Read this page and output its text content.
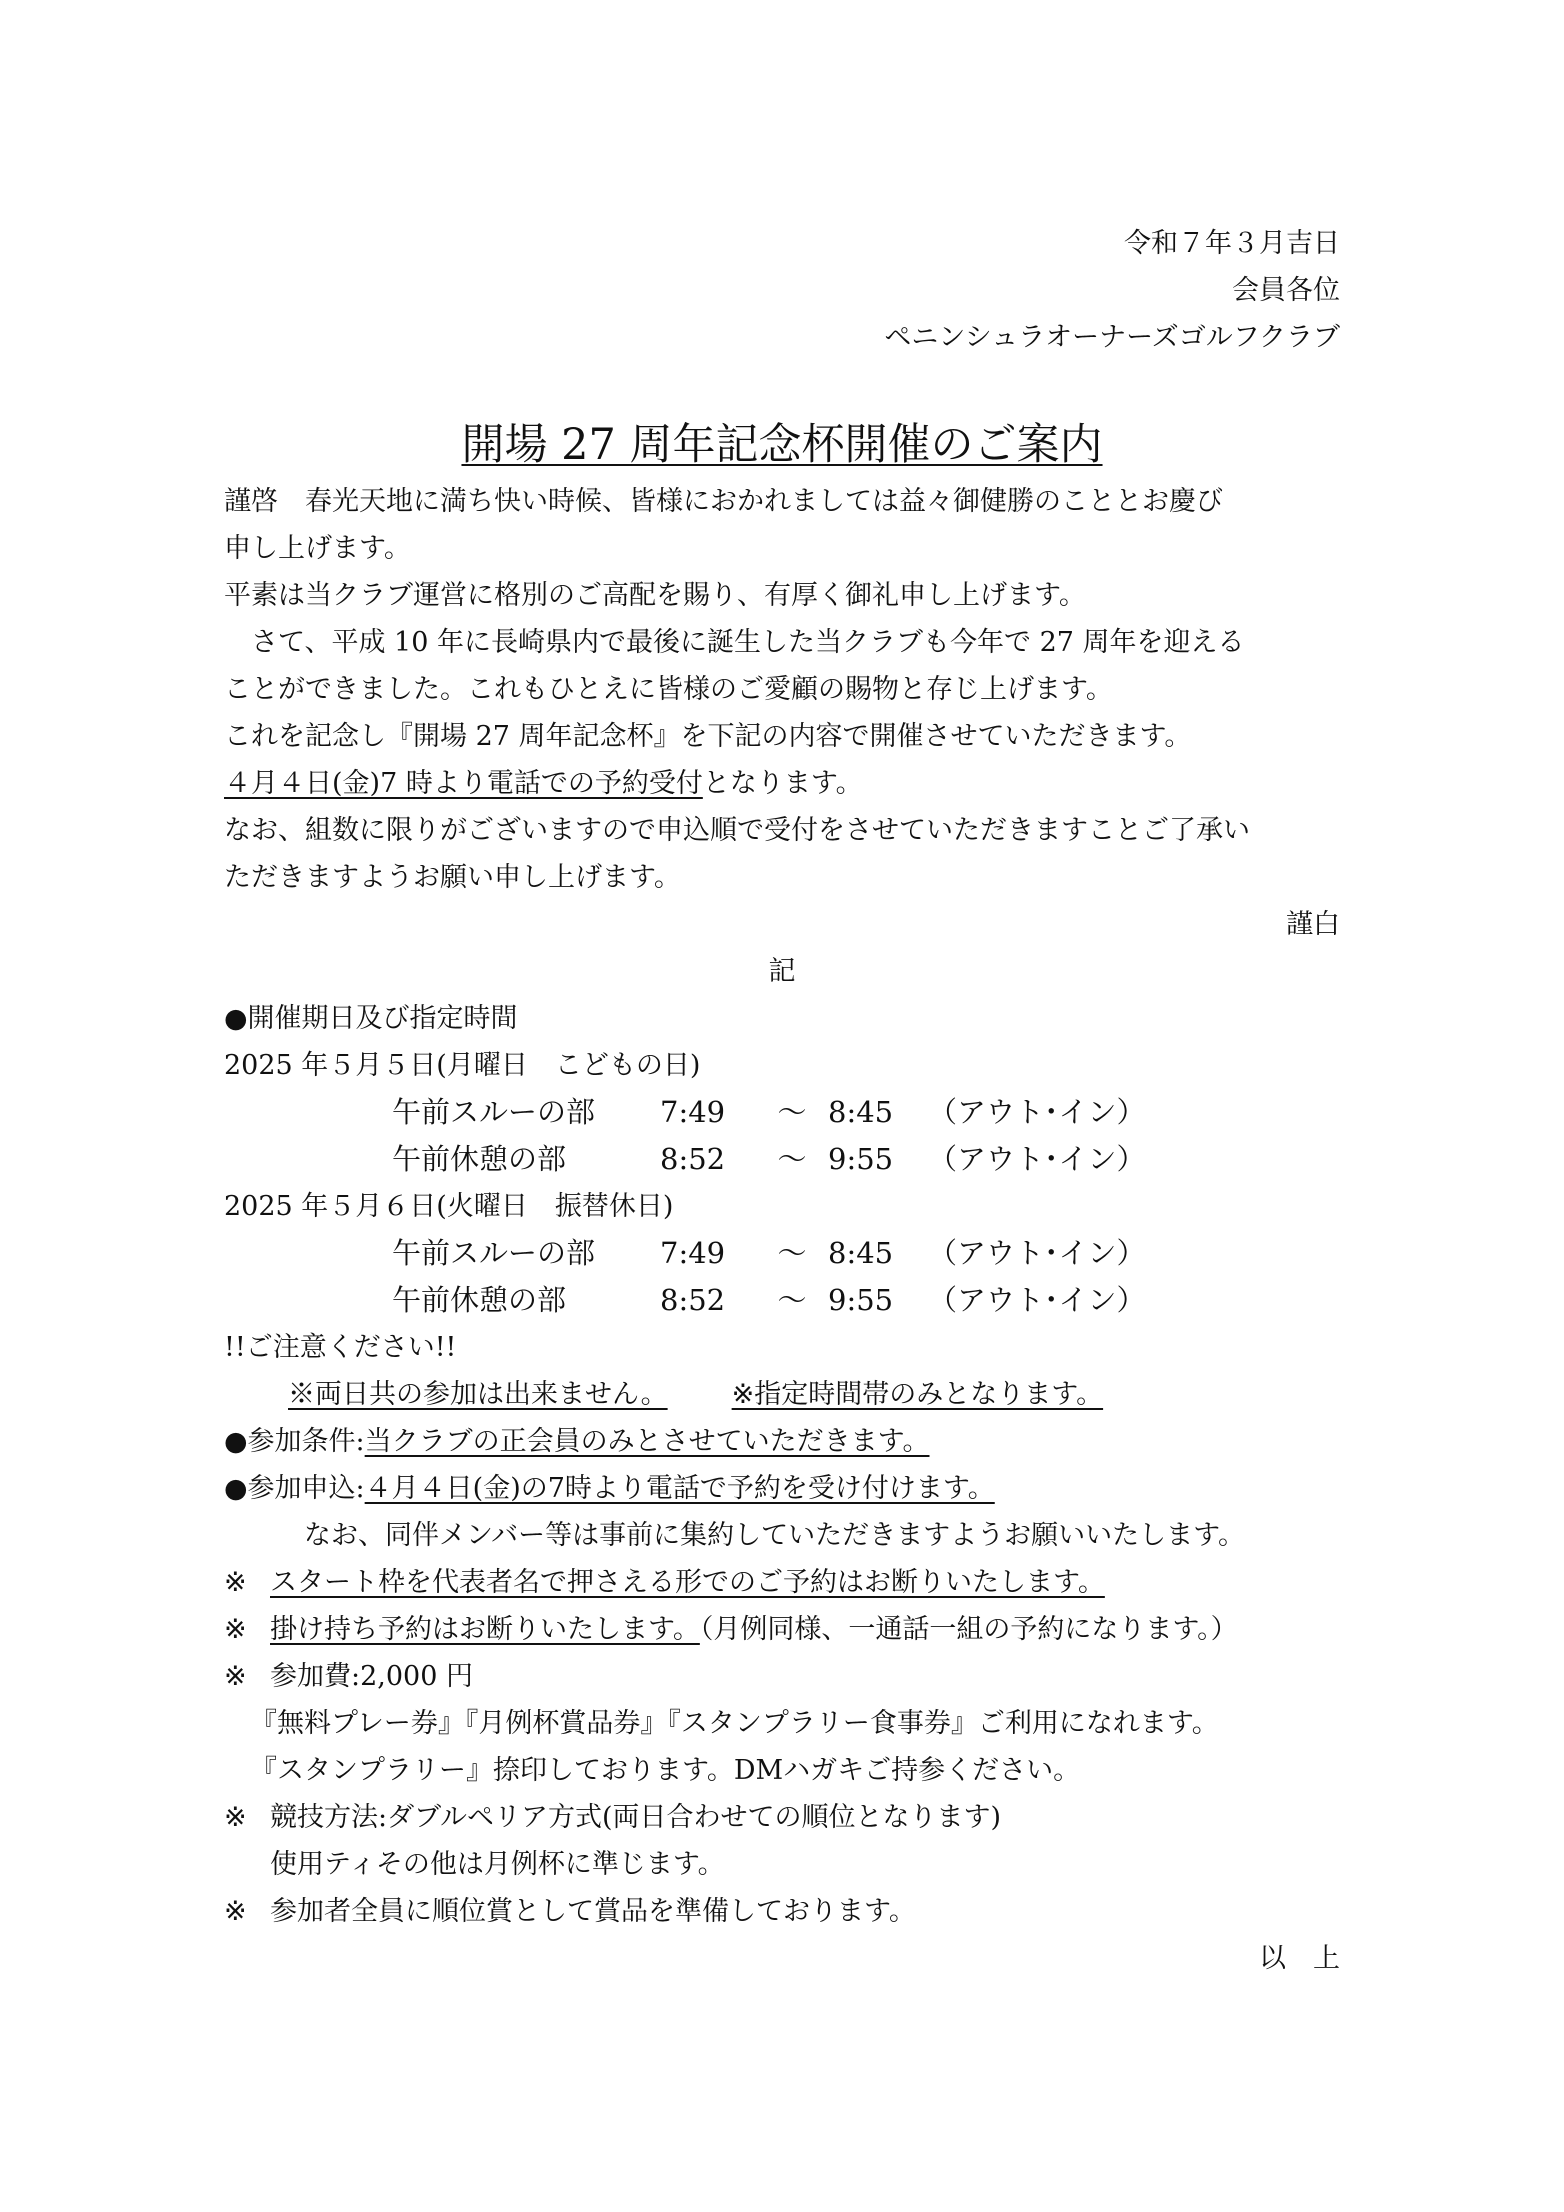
令和７年３月吉日
会員各位
ペニンシュラオーナーズゴルフクラブ
開場 27 周年記念杯開催のご案内
謹啓　春光天地に満ち快い時候、皆様におかれましては益々御健勝のこととお慶び
申し上げます。
平素は当クラブ運営に格別のご高配を賜り、有厚く御礼申し上げます。
　さて、平成 10 年に長崎県内で最後に誕生した当クラブも今年で 27 周年を迎える
ことができました。これもひとえに皆様のご愛顧の賜物と存じ上げます。
これを記念し『開場 27 周年記念杯』を下記の内容で開催させていただきます。
４月４日(金)7 時より電話での予約受付となります。
なお、組数に限りがございますので申込順で受付をさせていただきますことご了承い
ただきますようお願い申し上げます。
謹白
記
●開催期日及び指定時間
2025 年５月５日(月曜日　こどもの日)
午前スルーの部 7:49 ～ 8:45 （アウト･イン）
午前休憩の部	8:52 ～ 9:55 （アウト･イン）
2025 年５月６日(火曜日　振替休日)
午前スルーの部 7:49 ～ 8:45 （アウト･イン）
午前休憩の部	8:52 ～ 9:55 （アウト･イン）
!!ご注意ください!!
※両日共の参加は出来ません。 ※指定時間帯のみとなります。
●参加条件:当クラブの正会員のみとさせていただきます。
●参加申込:４月４日(金)の7時より電話で予約を受け付けます。
なお、同伴メンバー等は事前に集約していただきますようお願いいたします。
※ スタート枠を代表者名で押さえる形でのご予約はお断りいたします。
※ 掛け持ち予約はお断りいたします。（月例同様、一通話一組の予約になります。）
※ 参加費:2,000 円
『無料プレー券』『月例杯賞品券』『スタンプラリー食事券』ご利用になれます。
『スタンプラリー』捺印しております。DMハガキご持参ください。
※ 競技方法:ダブルペリア方式(両日合わせての順位となります)
使用ティその他は月例杯に準じます。
※ 参加者全員に順位賞として賞品を準備しております。
以　上
